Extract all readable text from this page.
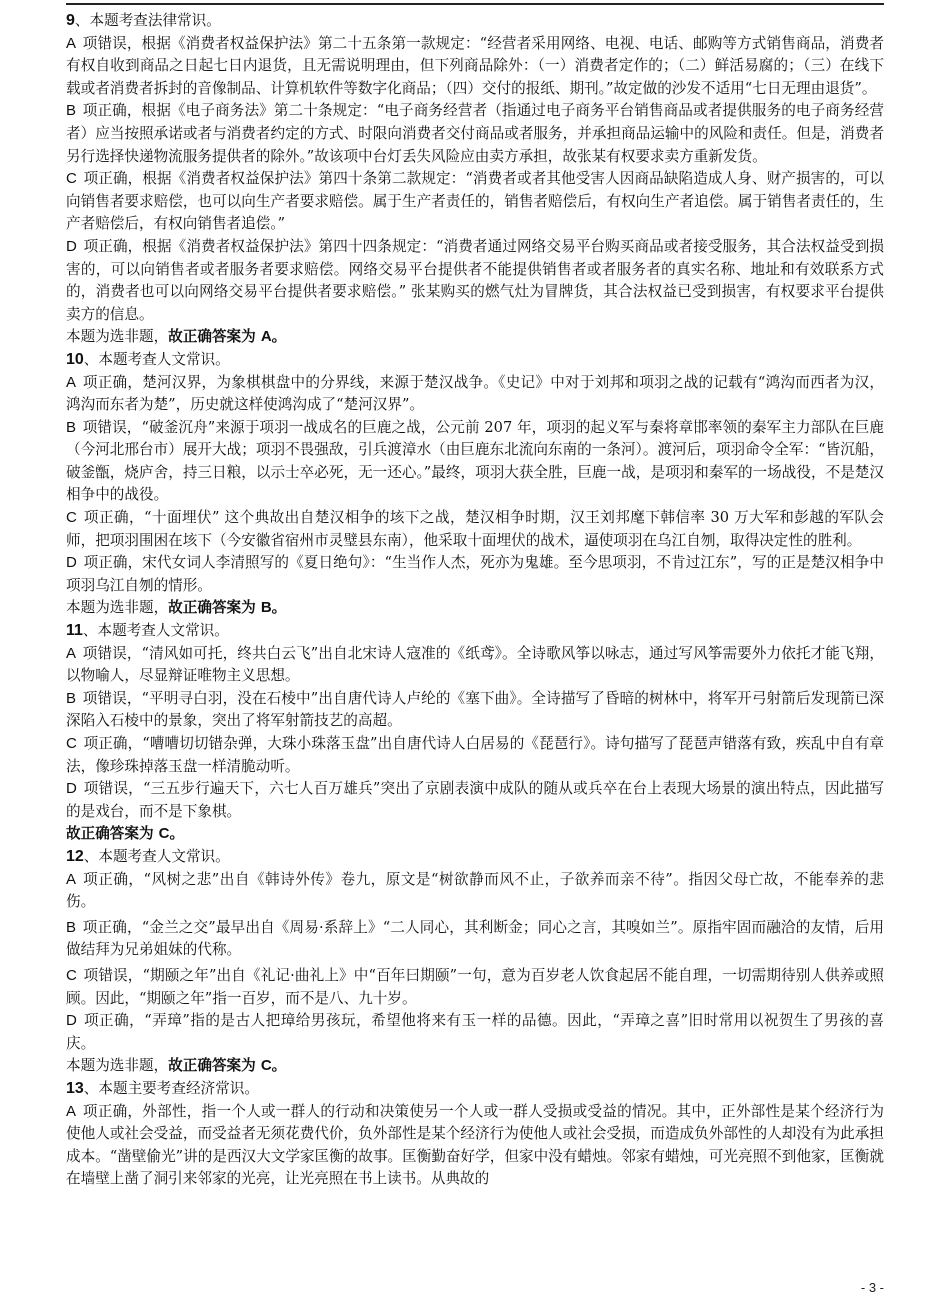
9、本题考查法律常识。

A 项错误，根据《消费者权益保护法》第二十五条第一款规定：“经营者采用网络、电视、电话、邮购等方式销售商品，消费者有权自收到商品之日起七日内退货，且无需说明理由，但下列商品除外：（一）消费者定作的；（二）鲜活易腐的；（三）在线下载或者消费者拆封的音像制品、计算机软件等数字化商品；（四）交付的报纸、期刊。”故定做的沙发不适用“七日无理由退货”。

B 项正确，根据《电子商务法》第二十条规定：“电子商务经营者（指通过电子商务平台销售商品或者提供服务的电子商务经营者）应当按照承诺或者与消费者约定的方式、时限向消费者交付商品或者服务，并承担商品运输中的风险和责任。但是，消费者另行选择快递物流服务提供者的除外。”故该项中台灯丢失风险应由卖方承担，故张某有权要求卖方重新发货。

C 项正确，根据《消费者权益保护法》第四十条第二款规定：“消费者或者其他受害人因商品缺陷造成人身、财产损害的，可以向销售者要求赔偿，也可以向生产者要求赔偿。属于生产者责任的，销售者赔偿后，有权向生产者追偿。属于销售者责任的，生产者赔偿后，有权向销售者追偿。”

D 项正确，根据《消费者权益保护法》第四十四条规定：“消费者通过网络交易平台购买商品或者接受服务，其合法权益受到损害的，可以向销售者或者服务者要求赔偿。网络交易平台提供者不能提供销售者或者服务者的真实名称、地址和有效联系方式的，消费者也可以向网络交易平台提供者要求赔偿。” 张某购买的燃气灶为冒牌货，其合法权益已受到损害，有权要求平台提供卖方的信息。

本题为选非题，故正确答案为 A。

10、本题考查人文常识。

A 项正确，楚河汉界，为象棋棋盘中的分界线，来源于楚汉战争。《史记》中对于刘邦和项羽之战的记载有“鸿沟而西者为汉，鸿沟而东者为楚”，历史就这样使鸿沟成了“楚河汉界”。

B 项错误，“破釜沉舟”来源于项羽一战成名的巨鹿之战，公元前 207 年，项羽的起义军与秦将章邯率领的秦军主力部队在巨鹿（今河北邢台市）展开大战；项羽不畏强敌，引兵渡漳水（由巨鹿东北流向东南的一条河）。渡河后，项羽命令全军：“皆沉船，破釜甑，烧庐舍，持三日粮，以示士卒必死，无一还心。”最终，项羽大获全胜，巨鹿一战，是项羽和秦军的一场战役，不是楚汉相争中的战役。

C 项正确，“十面埋伏” 这个典故出自楚汉相争的垓下之战，楚汉相争时期，汉王刘邦麾下韩信率 30 万大军和彭越的军队会师，把项羽围困在垓下（今安徽省宿州市灵璧县东南），他采取十面埋伏的战术，逼使项羽在乌江自刎，取得决定性的胜利。

D 项正确，宋代女词人李清照写的《夏日绝句》：“生当作人杰，死亦为鬼雄。至今思项羽，不肯过江东”，写的正是楚汉相争中项羽乌江自刎的情形。

本题为选非题，故正确答案为 B。

11、本题考查人文常识。

A 项错误，“清风如可托，终共白云飞”出自北宋诗人寇准的《纸鸢》。全诗歌风筝以咏志，通过写风筝需要外力依托才能飞翔，以物喻人，尽显辩证唯物主义思想。

B 项错误，“平明寻白羽，没在石棱中”出自唐代诗人卢纶的《塞下曲》。全诗描写了昏暗的树林中，将军开弓射箭后发现箭已深深陷入石棱中的景象，突出了将军射箭技艺的高超。

C 项正确，“嘈嘈切切错杂弹，大珠小珠落玉盘”出自唐代诗人白居易的《琵琶行》。诗句描写了琵琶声错落有致，疾乱中自有章法，像珍珠掉落玉盘一样清脆动听。

D 项错误，“三五步行遍天下，六七人百万雄兵”突出了京剧表演中成队的随从或兵卒在台上表现大场景的演出特点，因此描写的是戏台，而不是下象棋。

故正确答案为 C。

12、本题考查人文常识。

A 项正确，“风树之悲”出自《韩诗外传》卷九，原文是“树欲静而风不止，子欲养而亲不待”。指因父母亡故，不能奉养的悲伤。

B 项正确，“金兰之交”最早出自《周易·系辞上》“二人同心，其利断金；同心之言，其嗅如兰”。原指牢固而融洽的友情，后用做结拜为兄弟姐妹的代称。

C 项错误，“期颐之年”出自《礼记·曲礼上》中“百年曰期颐”一句，意为百岁老人饮食起居不能自理，一切需期待别人供养或照顾。因此，“期颐之年”指一百岁，而不是八、九十岁。

D 项正确，“弄璋”指的是古人把璋给男孩玩，希望他将来有玉一样的品德。因此，“弄璋之喜”旧时常用以祝贺生了男孩的喜庆。

本题为选非题，故正确答案为 C。

13、本题主要考查经济常识。

A 项正确，外部性，指一个人或一群人的行动和决策使另一个人或一群人受损或受益的情况。其中，正外部性是某个经济行为使他人或社会受益，而受益者无须花费代价，负外部性是某个经济行为使他人或社会受损，而造成负外部性的人却没有为此承担成本。“凿壁偷光”讲的是西汉大文学家匡衡的故事。匡衡勤奋好学，但家中没有蜡烛。邻家有蜡烛，可光亮照不到他家，匡衡就在墙壁上凿了洞引来邻家的光亮，让光亮照在书上读书。从典故的

- 3 -
